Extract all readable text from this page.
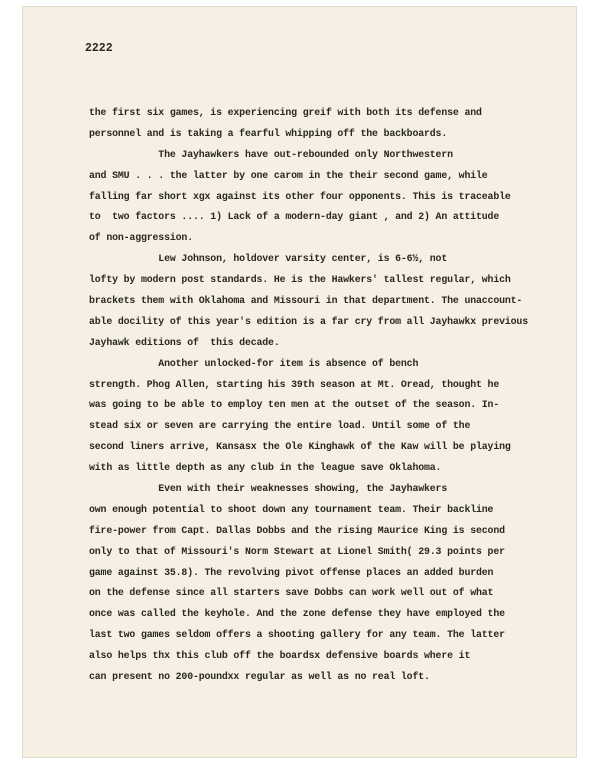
2222
the first six games, is experiencing greif with both its defense and
personnel and is taking a fearful whipping off the backboards.
The Jayhawkers have out-rebounded only Northwestern
and SMU . . . the latter by one carom in the their second game, while
falling far short xgx against its other four opponents. This is traceable
to  two factors .... 1) Lack of a modern-day giant , and 2) An attitude
of non-aggression.
Lew Johnson, holdover varsity center, is 6-6½, not
lofty by modern post standards. He is the Hawkers' tallest regular, which
brackets them with Oklahoma and Missouri in that department. The unaccount-
able docility of this year's edition is a far cry from all Jayhawkx previous
Jayhawk editions of  this decade.
Another unlocked-for item is absence of bench
strength. Phog Allen, starting his 39th season at Mt. Oread, thought he
was going to be able to employ ten men at the outset of the season. In-
stead six or seven are carrying the entire load. Until some of the
second liners arrive, Kansasx the Ole Kinghawk of the Kaw will be playing
with as little depth as any club in the league save Oklahoma.
Even with their weaknesses showing, the Jayhawkers
own enough potential to shoot down any tournament team. Their backline
fire-power from Capt. Dallas Dobbs and the rising Maurice King is second
only to that of Missouri's Norm Stewart at Lionel Smith( 29.3 points per
game against 35.8). The revolving pivot offense places an added burden
on the defense since all starters save Dobbs can work well out of what
once was called the keyhole. And the zone defense they have employed the
last two games seldom offers a shooting gallery for any team. The latter
also helps thx this club off the boardsx defensive boards where it
can present no 200-poundxx regular as well as no real loft.
